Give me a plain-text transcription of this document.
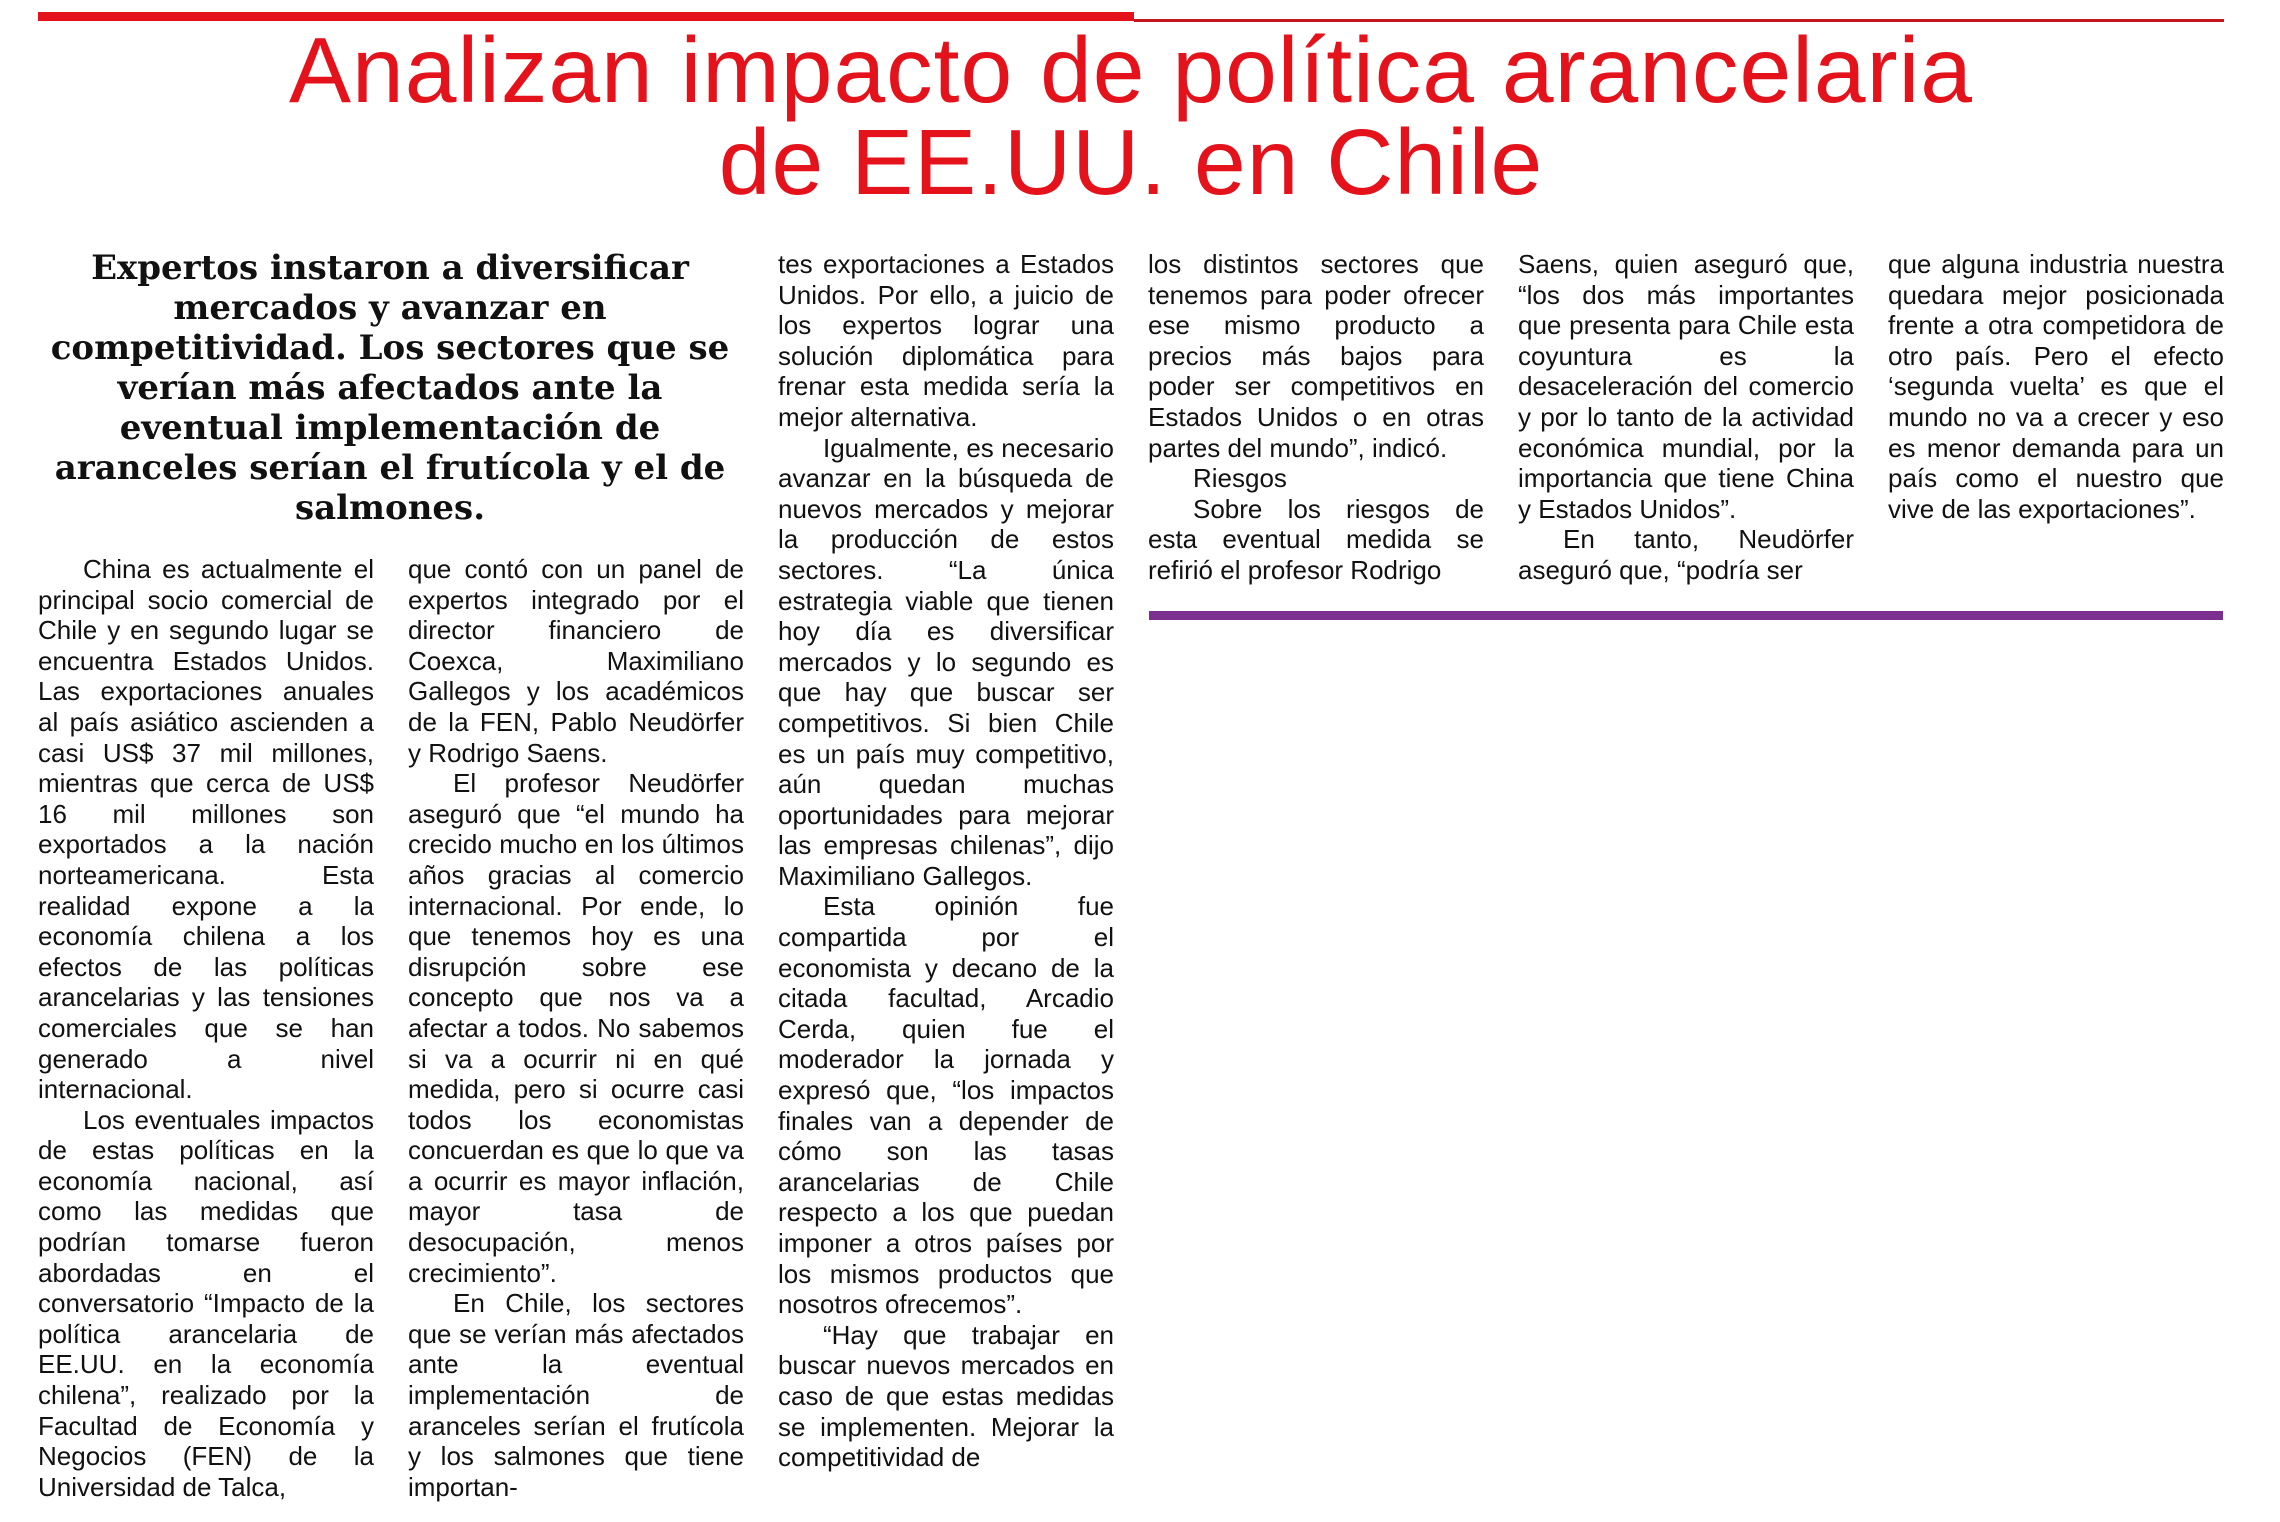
Analizan impacto de política arancelaria
de EE.UU. en Chile

Expertos instaron a diversificar mercados y avanzar en competitividad. Los sectores que se verían más afectados ante la eventual implementación de aranceles serían el frutícola y el de salmones.

China es actualmente el principal socio comercial de Chile y en segundo lugar se encuentra Estados Unidos. Las exportaciones anuales al país asiático ascienden a casi US$ 37 mil millones, mientras que cerca de US$ 16 mil millones son exportados a la nación norteamericana. Esta realidad expone a la economía chilena a los efectos de las políticas arancelarias y las tensiones comerciales que se han generado a nivel internacional.

Los eventuales impactos de estas políticas en la economía nacional, así como las medidas que podrían tomarse fueron abordadas en el conversatorio “Impacto de la política arancelaria de EE.UU. en la economía chilena”, realizado por la Facultad de Economía y Negocios (FEN) de la Universidad de Talca,

que contó con un panel de expertos integrado por el director financiero de Coexca, Maximiliano Gallegos y los académicos de la FEN, Pablo Neudörfer y Rodrigo Saens.

El profesor Neudörfer aseguró que “el mundo ha crecido mucho en los últimos años gracias al comercio internacional. Por ende, lo que tenemos hoy es una disrupción sobre ese concepto que nos va a afectar a todos. No sabemos si va a ocurrir ni en qué medida, pero si ocurre casi todos los economistas concuerdan es que lo que va a ocurrir es mayor inflación, mayor tasa de desocupación, menos crecimiento”.

En Chile, los sectores que se verían más afectados ante la eventual implementación de aranceles serían el frutícola y los salmones que tiene importan-

tes exportaciones a Estados Unidos. Por ello, a juicio de los expertos lograr una solución diplomática para frenar esta medida sería la mejor alternativa.

Igualmente, es necesario avanzar en la búsqueda de nuevos mercados y mejorar la producción de estos sectores. “La única estrategia viable que tienen hoy día es diversificar mercados y lo segundo es que hay que buscar ser competitivos. Si bien Chile es un país muy competitivo, aún quedan muchas oportunidades para mejorar las empresas chilenas”, dijo Maximiliano Gallegos.

Esta opinión fue compartida por el economista y decano de la citada facultad, Arcadio Cerda, quien fue el moderador la jornada y expresó que, “los impactos finales van a depender de cómo son las tasas arancelarias de Chile respecto a los que puedan imponer a otros países por los mismos productos que nosotros ofrecemos”.

“Hay que trabajar en buscar nuevos mercados en caso de que estas medidas se implementen. Mejorar la competitividad de

los distintos sectores que tenemos para poder ofrecer ese mismo producto a precios más bajos para poder ser competitivos en Estados Unidos o en otras partes del mundo”, indicó.

Riesgos

Sobre los riesgos de esta eventual medida se refirió el profesor Rodrigo

Saens, quien aseguró que, “los dos más importantes que presenta para Chile esta coyuntura es la desaceleración del comercio y por lo tanto de la actividad económica mundial, por la importancia que tiene China y Estados Unidos”.

En tanto, Neudörfer aseguró que, “podría ser

que alguna industria nuestra quedara mejor posicionada frente a otra competidora de otro país. Pero el efecto ‘segunda vuelta’ es que el mundo no va a crecer y eso es menor demanda para un país como el nuestro que vive de las exportaciones”.
